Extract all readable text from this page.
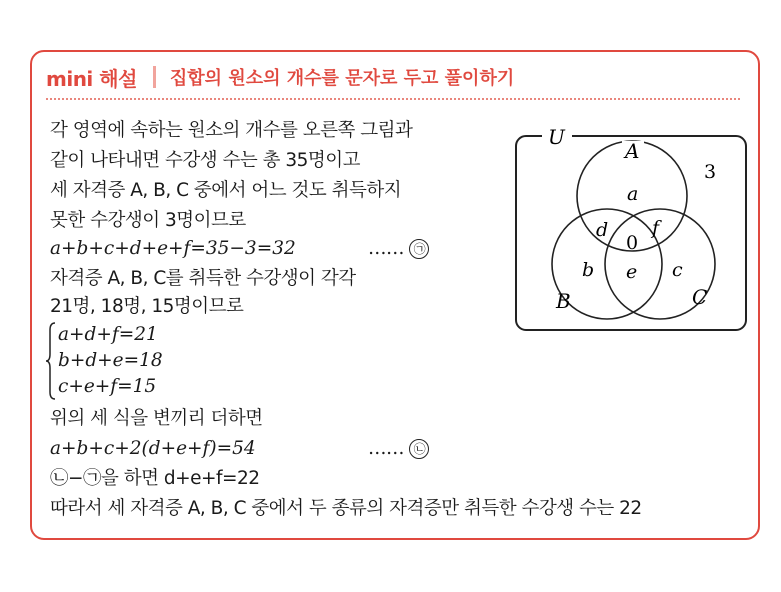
mini 해설 집합의 원소의 개수를 문자로 두고 풀이하기
각 영역에 속하는 원소의 개수를 오른쪽 그림과
같이 나타내면 수강생 수는 총 35명이고
세 자격증 A, B, C 중에서 어느 것도 취득하지
못한 수강생이 3명이므로
a+b+c+d+e+f=35−3=32	…… ㉠
자격증 A, B, C를 취득한 수강생이 각각
21명, 18명, 15명이므로
a+d+f=21
b+d+e=18
c+e+f=15
위의 세 식을 변끼리 더하면
a+b+c+2(d+e+f)=54	…… ㉡
㉡−㉠을 하면 d+e+f=22
따라서 세 자격증 A, B, C 중에서 두 종류의 자격증만 취득한 수강생 수는 22
U
A
B	C
3
a
b	c
d
e
f
0
